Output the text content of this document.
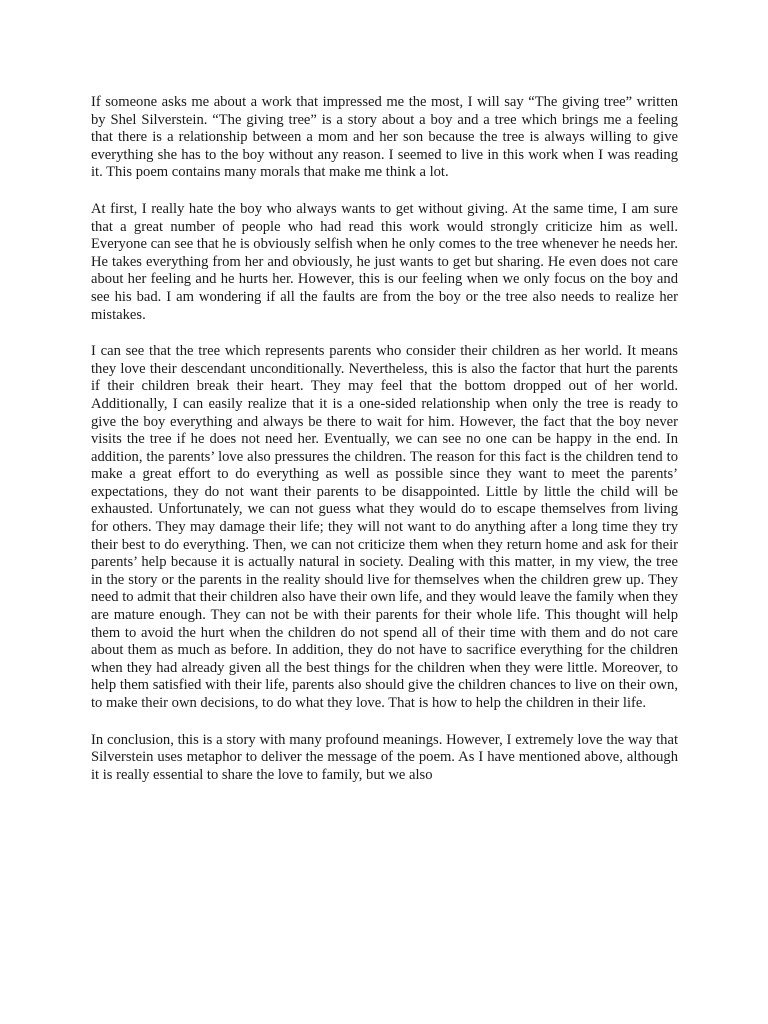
If someone asks me about a work that impressed me the most, I will say “The giving tree” written by Shel Silverstein. “The giving tree” is a story about a boy and a tree which brings me a feeling that there is a relationship between a mom and her son because the tree is always willing to give everything she has to the boy without any reason. I seemed to live in this work when I was reading it. This poem contains many morals that make me think a lot.

At first, I really hate the boy who always wants to get without giving. At the same time, I am sure that a great number of people who had read this work would strongly criticize him as well. Everyone can see that he is obviously selfish when he only comes to the tree whenever he needs her. He takes everything from her and obviously, he just wants to get but sharing. He even does not care about her feeling and he hurts her. However, this is our feeling when we only focus on the boy and see his bad. I am wondering if all the faults are from the boy or the tree also needs to realize her mistakes.

I can see that the tree which represents parents who consider their children as her world. It means they love their descendant unconditionally. Nevertheless, this is also the factor that hurt the parents if their children break their heart. They may feel that the bottom dropped out of her world. Additionally, I can easily realize that it is a one-sided relationship when only the tree is ready to give the boy everything and always be there to wait for him. However, the fact that the boy never visits the tree if he does not need her. Eventually, we can see no one can be happy in the end. In addition, the parents’ love also pressures the children. The reason for this fact is the children tend to make a great effort to do everything as well as possible since they want to meet the parents’ expectations, they do not want their parents to be disappointed. Little by little the child will be exhausted. Unfortunately, we can not guess what they would do to escape themselves from living for others. They may damage their life; they will not want to do anything after a long time they try their best to do everything. Then, we can not criticize them when they return home and ask for their parents’ help because it is actually natural in society. Dealing with this matter, in my view, the tree in the story or the parents in the reality should live for themselves when the children grew up. They need to admit that their children also have their own life, and they would leave the family when they are mature enough. They can not be with their parents for their whole life. This thought will help them to avoid the hurt when the children do not spend all of their time with them and do not care about them as much as before. In addition, they do not have to sacrifice everything for the children when they had already given all the best things for the children when they were little. Moreover, to help them satisfied with their life, parents also should give the children chances to live on their own, to make their own decisions, to do what they love. That is how to help the children in their life.

In conclusion, this is a story with many profound meanings. However, I extremely love the way that Silverstein uses metaphor to deliver the message of the poem. As I have mentioned above, although it is really essential to share the love to family, but we also
